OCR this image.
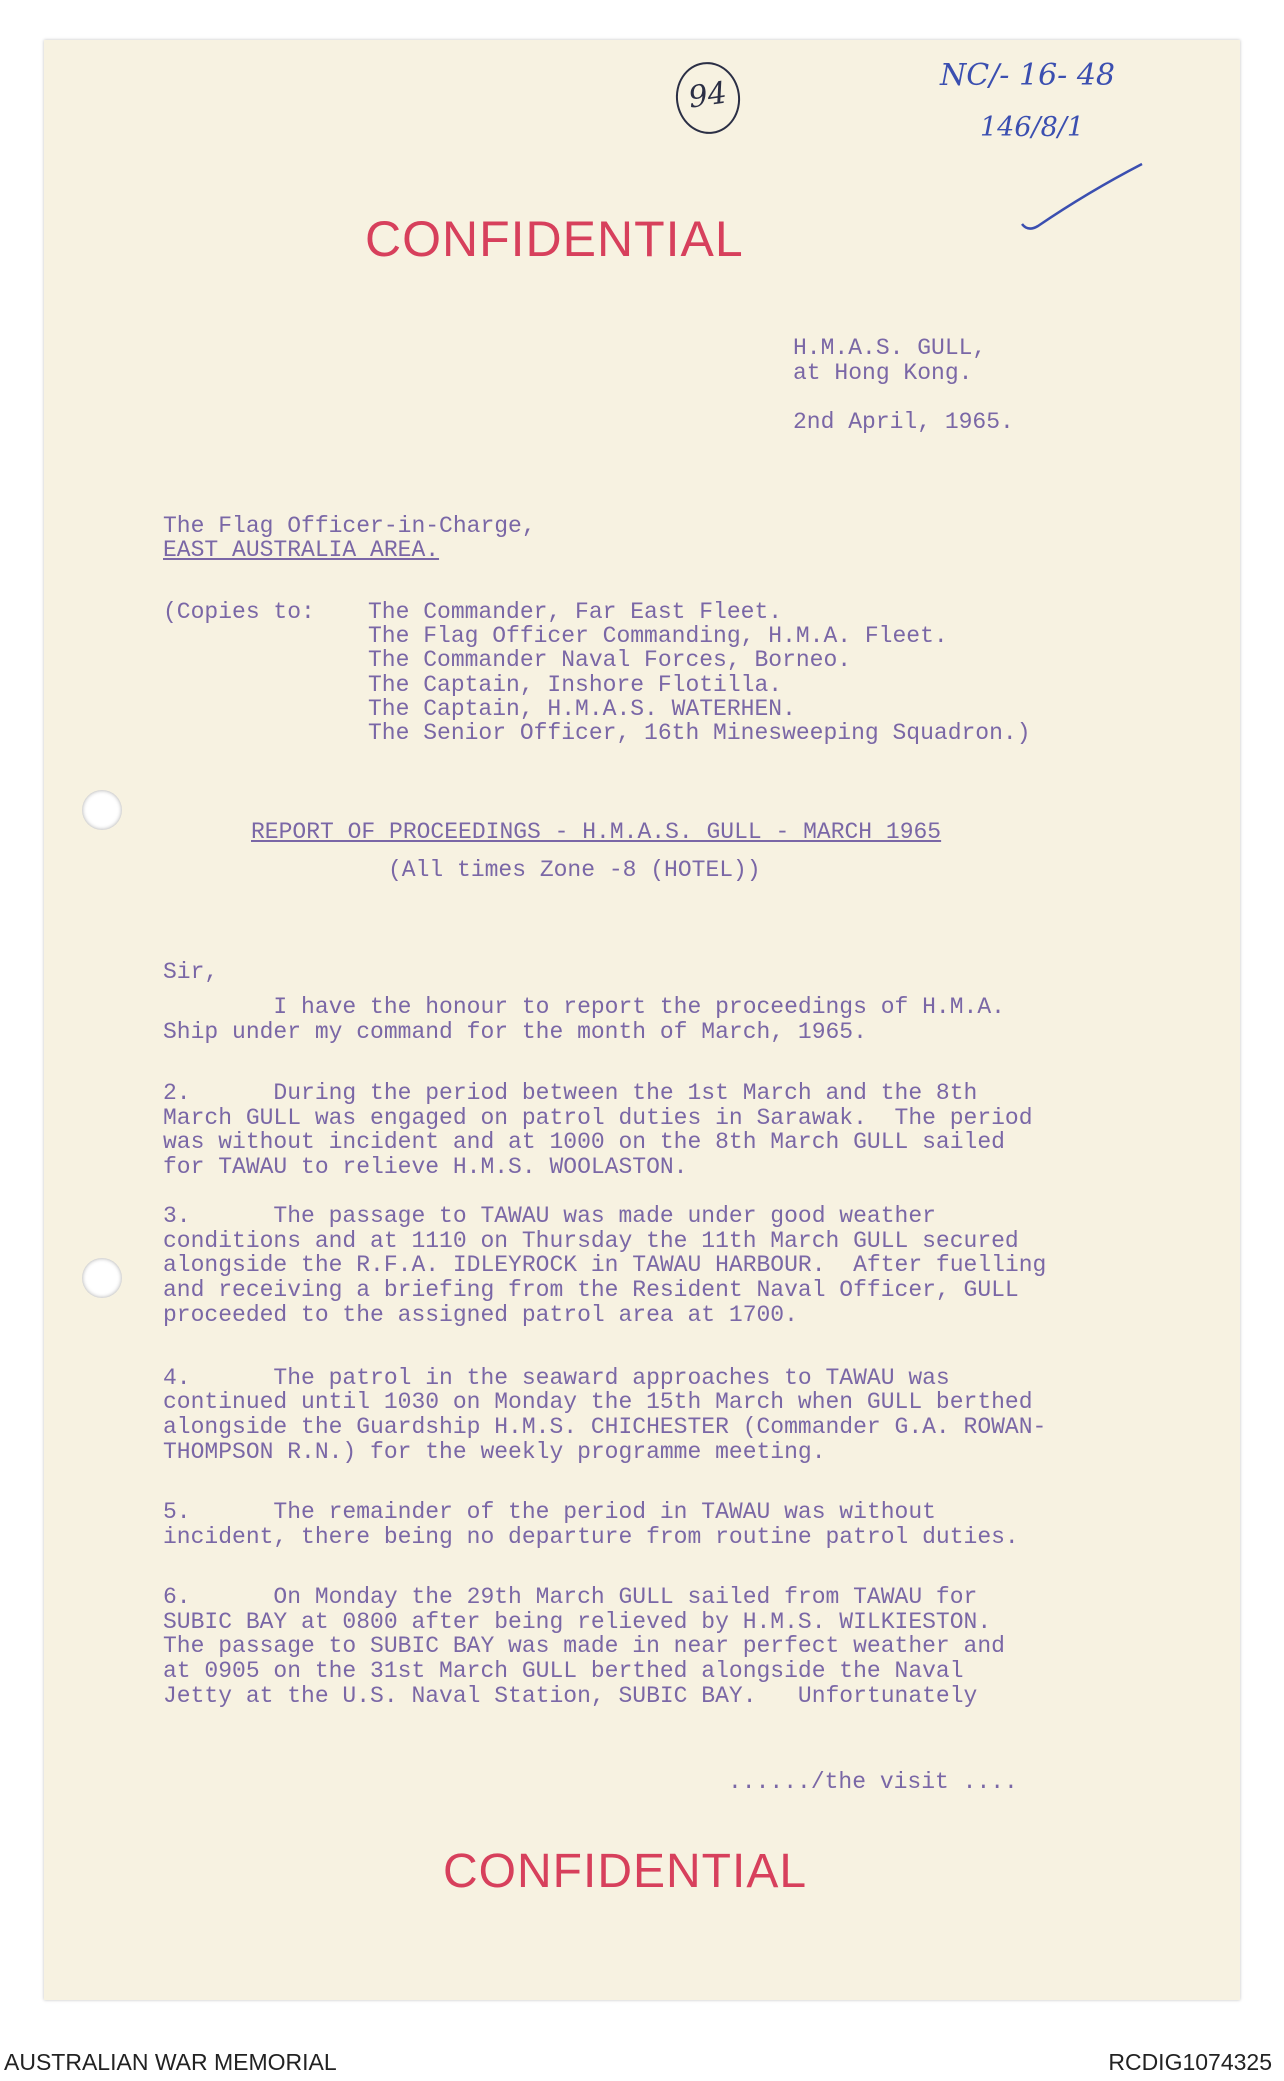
94
NC/- 16- 48
146/8/1
CONFIDENTIAL
CONFIDENTIAL
H.M.A.S. GULL,
at Hong Kong.
2nd April, 1965.
The Flag Officer-in-Charge,
EAST AUSTRALIA AREA.
(Copies to: The Commander, Far East Fleet.
The Flag Officer Commanding, H.M.A. Fleet.
The Commander Naval Forces, Borneo.
The Captain, Inshore Flotilla.
The Captain, H.M.A.S. WATERHEN.
The Senior Officer, 16th Minesweeping Squadron.)
REPORT OF PROCEEDINGS - H.M.A.S. GULL - MARCH 1965
(All times Zone -8 (HOTEL))
Sir,
I have the honour to report the proceedings of H.M.A.
Ship under my command for the month of March, 1965.
2.      During the period between the 1st March and the 8th
March GULL was engaged on patrol duties in Sarawak.  The period
was without incident and at 1000 on the 8th March GULL sailed
for TAWAU to relieve H.M.S. WOOLASTON.
3.      The passage to TAWAU was made under good weather
conditions and at 1110 on Thursday the 11th March GULL secured
alongside the R.F.A. IDLEYROCK in TAWAU HARBOUR.  After fuelling
and receiving a briefing from the Resident Naval Officer, GULL
proceeded to the assigned patrol area at 1700.
4.      The patrol in the seaward approaches to TAWAU was
continued until 1030 on Monday the 15th March when GULL berthed
alongside the Guardship H.M.S. CHICHESTER (Commander G.A. ROWAN-
THOMPSON R.N.) for the weekly programme meeting.
5.      The remainder of the period in TAWAU was without
incident, there being no departure from routine patrol duties.
6.      On Monday the 29th March GULL sailed from TAWAU for
SUBIC BAY at 0800 after being relieved by H.M.S. WILKIESTON.
The passage to SUBIC BAY was made in near perfect weather and
at 0905 on the 31st March GULL berthed alongside the Naval
Jetty at the U.S. Naval Station, SUBIC BAY.   Unfortunately
....../the visit ....
AUSTRALIAN WAR MEMORIAL	RCDIG1074325
